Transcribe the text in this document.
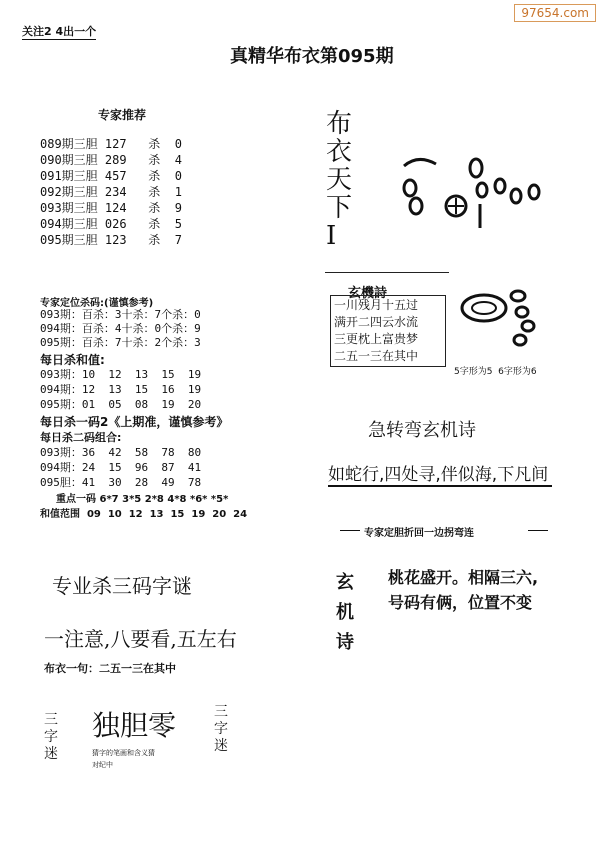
97654.com
关注2 4出一个
真精华布衣第095期
专家推荐
089期三胆 127 杀 0
090期三胆 289 杀 4
091期三胆 457 杀 0
092期三胆 234 杀 1
093期三胆 124 杀 9
094期三胆 026 杀 5
095期三胆 123 杀 7
专家定位杀码:(谨慎参考)
093期：百杀：3十杀：7个杀：0
094期：百杀：4十杀：0个杀：9
095期：百杀：7十杀：2个杀：3
每日杀和值:
093期：10  12  13  15  19
094期：12  13  15  16  19
095期：01  05  08  19  20
每日杀一码2《上期准，谨慎参考》
每日杀二码组合:
093期：36  42  58  78  80
094期：24  15  96  87  41
095胆：41  30  28  49  78
重点一码 6*7 3*5 2*8 4*8 *6* *5*
和值范围  09  10  12  13  15  19  20  24
专业杀三码字谜
一注意,八要看,五左右
布衣一句：二五一三在其中
三
字
迷
独胆零
猜字的笔画和含义猜
对纪中
三
字
迷
布
衣
天
下
I
玄機詩
一川残月十五过
满开二四云水流
三更枕上富贵梦
二五一三在其中
5字形为5  6字形为6
急转弯玄机诗
如蛇行,四处寻,伴似海,下凡间
专家定胆折回一边拐弯连
玄
机
诗
桃花盛开。相隔三六,
号码有俩，位置不变
